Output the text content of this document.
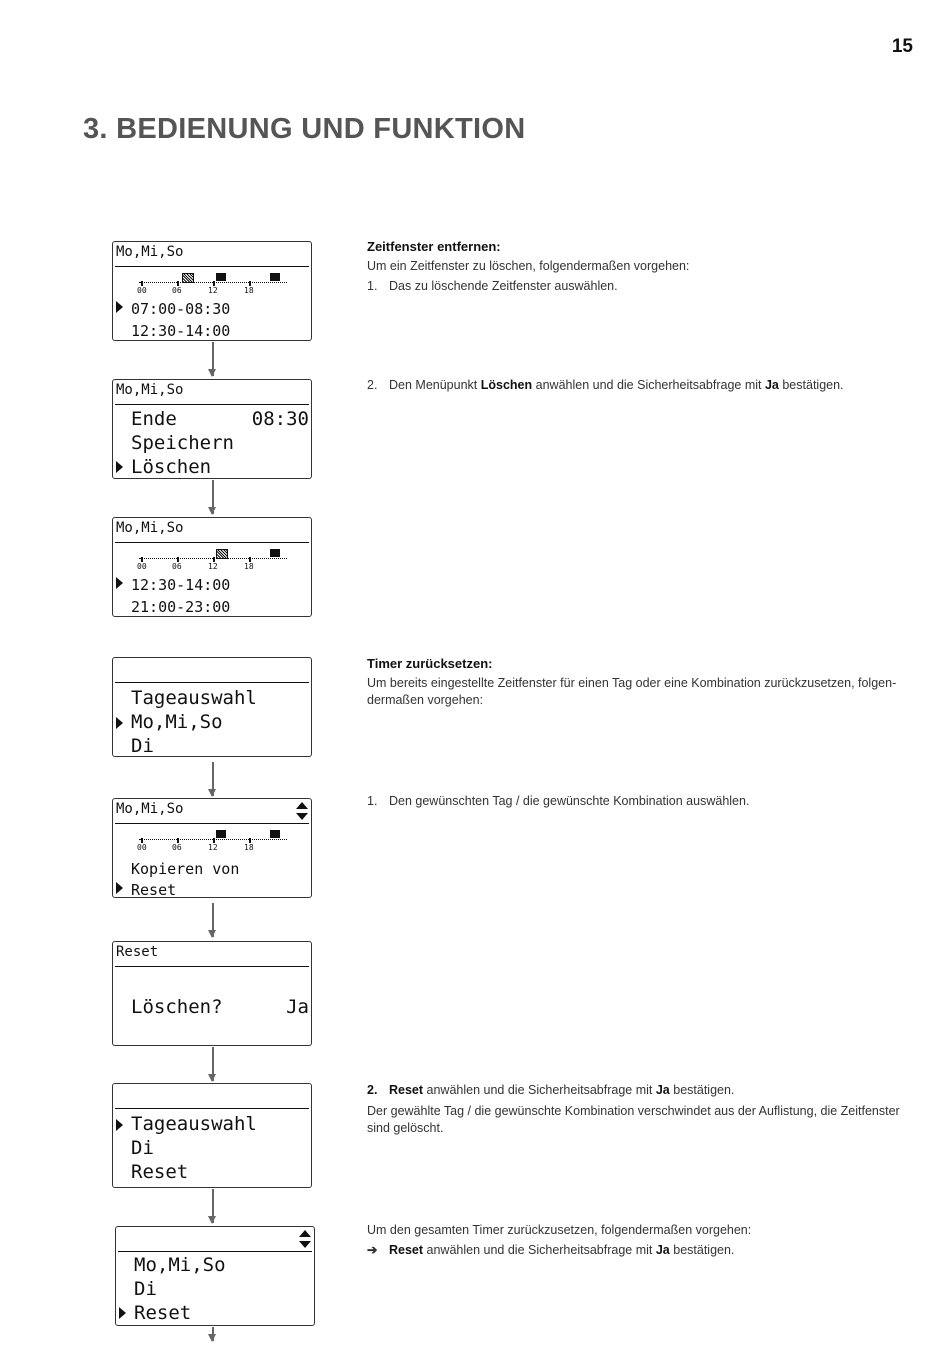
15
3. BEDIENUNG UND FUNKTION
Mo,Mi,So
00	06	12	18
07:00-08:30
12:30-14:00
Mo,Mi,So
Ende	08:30
Speichern
Löschen
Mo,Mi,So
00	06	12	18
12:30-14:00
21:00-23:00
Tageauswahl
Mo,Mi,So
Di
Mo,Mi,So
00	06	12	18
Kopieren von
Reset
Reset
Löschen?	Ja
Tageauswahl
Di
Reset
Mo,Mi,So
Di
Reset

Zeitfenster entfernen:

Um ein Zeitfenster zu löschen, folgendermaßen vorgehen:

1. Das zu löschende Zeitfenster auswählen.

2. Den Menüpunkt Löschen anwählen und die Sicherheitsabfrage mit Ja bestätigen.

Timer zurücksetzen:

Um bereits eingestellte Zeitfenster für einen Tag oder eine Kombination zurückzusetzen, folgen-

dermaßen vorgehen:

1. Den gewünschten Tag / die gewünschte Kombination auswählen.

2. Reset anwählen und die Sicherheitsabfrage mit Ja bestätigen.

Der gewählte Tag / die gewünschte Kombination verschwindet aus der Auflistung, die Zeitfenster

sind gelöscht.

Um den gesamten Timer zurückzusetzen, folgendermaßen vorgehen:

➔ Reset anwählen und die Sicherheitsabfrage mit Ja bestätigen.
